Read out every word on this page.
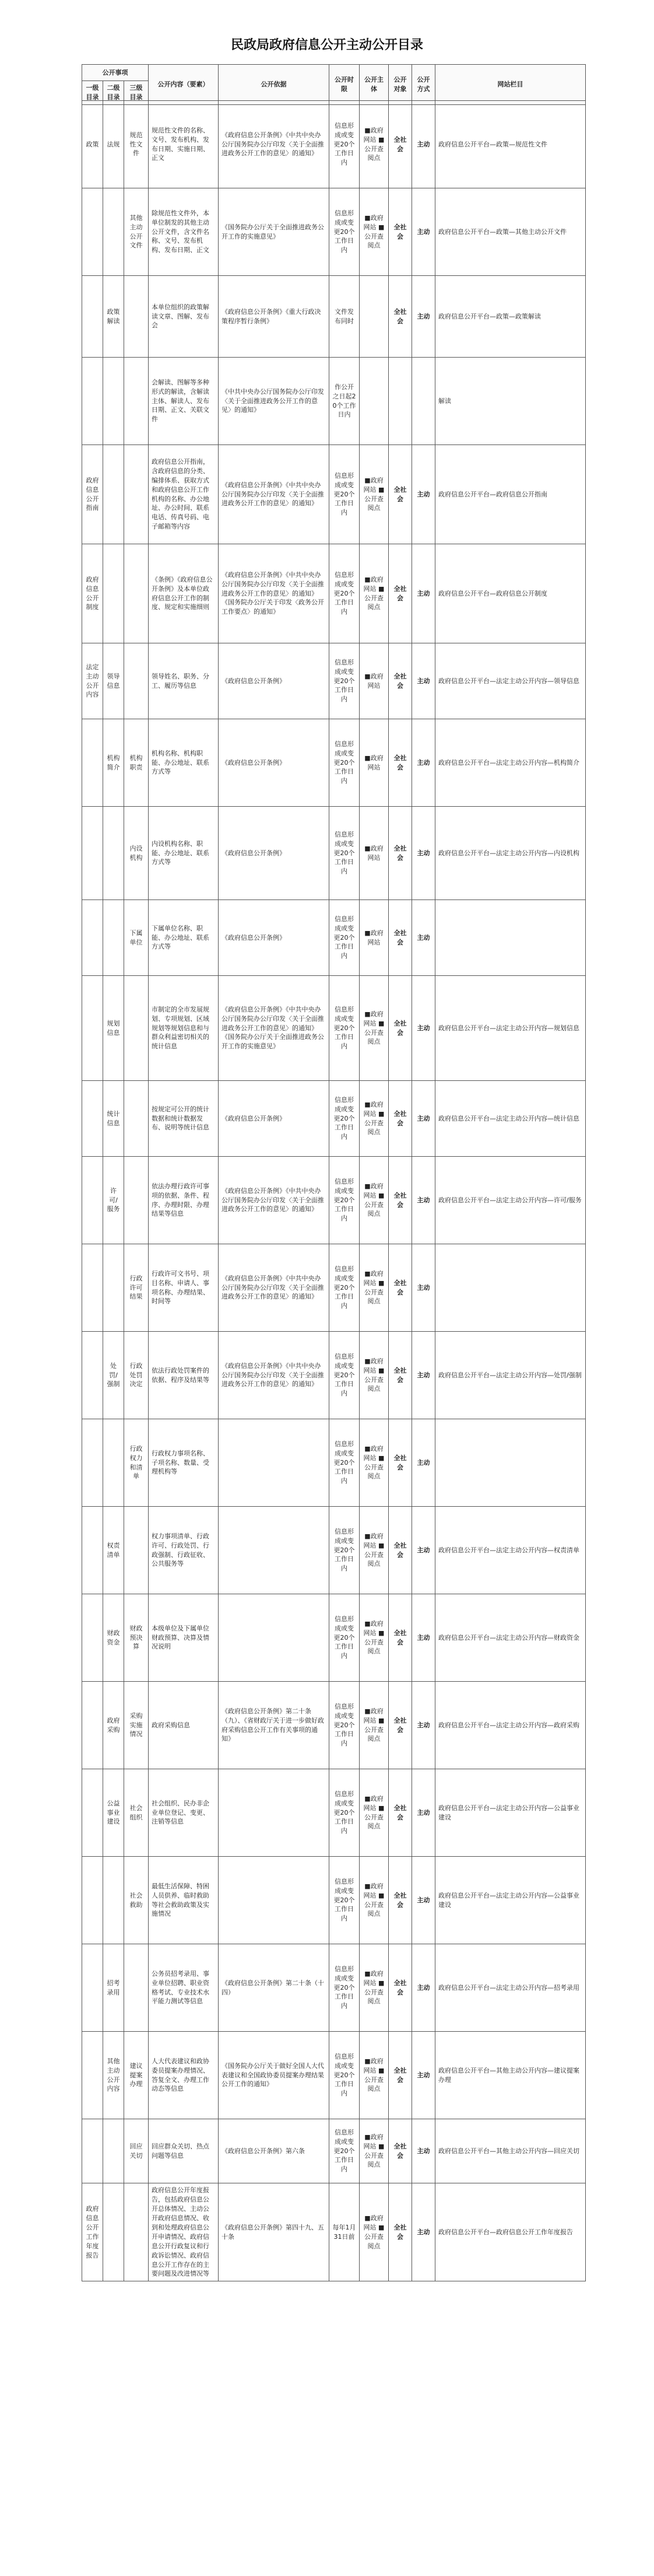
民政局政府信息公开主动公开目录
公开事项			公开内容（要素）	公开依据	公开时限	公开主体	公开对象	公开方式	网站栏目
一级目录	二级目录	三级目录							
政策	法规	规范性文件	规范性文件的名称、文号、发布机构、发布日期、实施日期、正文	《政府信息公开条例》《中共中央办公厅国务院办公厅印发〈关于全面推进政务公开工作的意见〉的通知》	信息形成或变更20个工作日内	■政府网站 ■公开查阅点	全社会	主动	政府信息公开平台—政策—规范性文件
		其他主动公开文件	除规范性文件外，本单位制发的其他主动公开文件，含文件名称、文号、发布机构、发布日期、正文	《国务院办公厅关于全面推进政务公开工作的实施意见》	信息形成或变更20个工作日内	■政府网站 ■公开查阅点	全社会	主动	政府信息公开平台—政策—其他主动公开文件
	政策解读		本单位组织的政策解读文章、图解、发布会	《政府信息公开条例》《重大行政决策程序暂行条例》	文件发布同时		全社会	主动	政府信息公开平台—政策—政策解读
			会解读、图解等多种形式的解读，含解读主体、解读人、发布日期、正文、关联文件	《中共中央办公厅国务院办公厅印发〈关于全面推进政务公开工作的意见〉的通知》	作公开之日起20个工作日内				解读
政府信息公开指南			政府信息公开指南，含政府信息的分类、编排体系、获取方式和政府信息公开工作机构的名称、办公地址、办公时间、联系电话、传真号码、电子邮箱等内容	《政府信息公开条例》《中共中央办公厅国务院办公厅印发〈关于全面推进政务公开工作的意见〉的通知》	信息形成或变更20个工作日内	■政府网站 ■公开查阅点	全社会	主动	政府信息公开平台—政府信息公开指南
政府信息公开制度			《条例》《政府信息公开条例》及本单位政府信息公开工作的制度、规定和实施细则	《政府信息公开条例》《中共中央办公厅国务院办公厅印发〈关于全面推进政务公开工作的意见〉的通知》《国务院办公厅关于印发〈政务公开工作要点〉的通知》	信息形成或变更20个工作日内	■政府网站 ■公开查阅点	全社会	主动	政府信息公开平台—政府信息公开制度
法定主动公开内容	领导信息		领导姓名、职务、分工、履历等信息	《政府信息公开条例》	信息形成或变更20个工作日内	■政府网站	全社会	主动	政府信息公开平台—法定主动公开内容—领导信息
	机构简介	机构职责	机构名称、机构职能、办公地址、联系方式等	《政府信息公开条例》	信息形成或变更20个工作日内	■政府网站	全社会	主动	政府信息公开平台—法定主动公开内容—机构简介
		内设机构	内设机构名称、职能、办公地址、联系方式等	《政府信息公开条例》	信息形成或变更20个工作日内	■政府网站	全社会	主动	政府信息公开平台—法定主动公开内容—内设机构
		下属单位	下属单位名称、职能、办公地址、联系方式等	《政府信息公开条例》	信息形成或变更20个工作日内	■政府网站	全社会	主动	
	规划信息		市制定的全市发展规划、专项规划、区域规划等规划信息和与群众利益密切相关的统计信息	《政府信息公开条例》《中共中央办公厅国务院办公厅印发〈关于全面推进政务公开工作的意见〉的通知》《国务院办公厅关于全面推进政务公开工作的实施意见》	信息形成或变更20个工作日内	■政府网站 ■公开查阅点	全社会	主动	政府信息公开平台—法定主动公开内容—规划信息
	统计信息		按规定可公开的统计数据和统计数据发布、说明等统计信息	《政府信息公开条例》	信息形成或变更20个工作日内	■政府网站 ■公开查阅点	全社会	主动	政府信息公开平台—法定主动公开内容—统计信息
	许可/服务		依法办理行政许可事项的依据、条件、程序、办理时限、办理结果等信息	《政府信息公开条例》《中共中央办公厅国务院办公厅印发〈关于全面推进政务公开工作的意见〉的通知》	信息形成或变更20个工作日内	■政府网站 ■公开查阅点	全社会	主动	政府信息公开平台—法定主动公开内容—许可/服务
		行政许可结果	行政许可文书号、项目名称、申请人、事项名称、办理结果、时间等	《政府信息公开条例》《中共中央办公厅国务院办公厅印发〈关于全面推进政务公开工作的意见〉的通知》	信息形成或变更20个工作日内	■政府网站 ■公开查阅点	全社会	主动	
	处罚/强制	行政处罚决定	依法行政处罚案件的依据、程序及结果等	《政府信息公开条例》《中共中央办公厅国务院办公厅印发〈关于全面推进政务公开工作的意见〉的通知》	信息形成或变更20个工作日内	■政府网站 ■公开查阅点	全社会	主动	政府信息公开平台—法定主动公开内容—处罚/强制
		行政权力和清单	行政权力事项名称、子项名称、数量、受理机构等		信息形成或变更20个工作日内	■政府网站 ■公开查阅点	全社会	主动	
	权责清单		权力事项清单、行政许可、行政处罚、行政强制、行政征收、公共服务等		信息形成或变更20个工作日内	■政府网站 ■公开查阅点	全社会	主动	政府信息公开平台—法定主动公开内容—权责清单
	财政资金	财政预决算	本级单位及下属单位财政预算、决算及情况说明		信息形成或变更20个工作日内	■政府网站 ■公开查阅点	全社会	主动	政府信息公开平台—法定主动公开内容—财政资金
	政府采购	采购实施情况	政府采购信息	《政府信息公开条例》第二十条（九）、《省财政厅关于进一步做好政府采购信息公开工作有关事项的通知》	信息形成或变更20个工作日内	■政府网站 ■公开查阅点	全社会	主动	政府信息公开平台—法定主动公开内容—政府采购
	公益事业建设	社会组织	社会组织、民办非企业单位登记、变更、注销等信息		信息形成或变更20个工作日内	■政府网站 ■公开查阅点	全社会	主动	政府信息公开平台—法定主动公开内容—公益事业建设
		社会救助	最低生活保障、特困人员供养、临时救助等社会救助政策及实施情况		信息形成或变更20个工作日内	■政府网站 ■公开查阅点	全社会	主动	政府信息公开平台—法定主动公开内容—公益事业建设
	招考录用		公务员招考录用、事业单位招聘、职业资格考试、专业技术水平能力测试等信息	《政府信息公开条例》第二十条（十四）	信息形成或变更20个工作日内	■政府网站 ■公开查阅点	全社会	主动	政府信息公开平台—法定主动公开内容—招考录用
	其他主动公开内容	建议提案办理	人大代表建议和政协委员提案办理情况、答复全文、办理工作动态等信息	《国务院办公厅关于做好全国人大代表建议和全国政协委员提案办理结果公开工作的通知》	信息形成或变更20个工作日内	■政府网站 ■公开查阅点	全社会	主动	政府信息公开平台—其他主动公开内容—建议提案办理
		回应关切	回应群众关切、热点问题等信息	《政府信息公开条例》第六条	信息形成或变更20个工作日内	■政府网站 ■公开查阅点	全社会	主动	政府信息公开平台—其他主动公开内容—回应关切
政府信息公开工作年度报告			政府信息公开年度报告，包括政府信息公开总体情况、主动公开政府信息情况、收到和处理政府信息公开申请情况、政府信息公开行政复议和行政诉讼情况、政府信息公开工作存在的主要问题及改进情况等	《政府信息公开条例》第四十九、五十条	每年1月31日前	■政府网站 ■公开查阅点	全社会	主动	政府信息公开平台—政府信息公开工作年度报告
